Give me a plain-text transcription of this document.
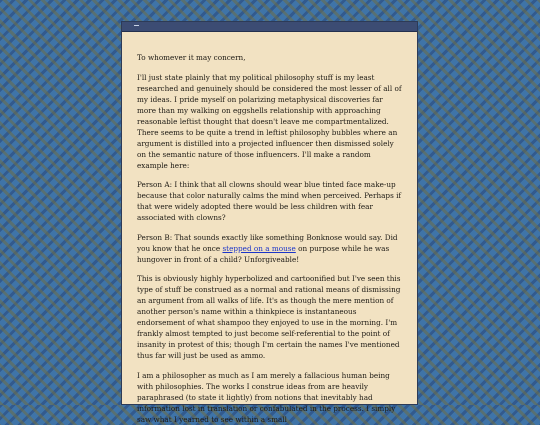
To whomever it may concern,

I'll just state plainly that my political philosophy stuff is my least researched and genuinely should be considered the most lesser of all of my ideas. I pride myself on polarizing metaphysical discoveries far more than my walking on eggshells relationship with approaching reasonable leftist thought that doesn't leave me compartmentalized. There seems to be quite a trend in leftist philosophy bubbles where an argument is distilled into a projected influencer then dismissed solely on the semantic nature of those influencers. I'll make a random example here:

Person A: I think that all clowns should wear blue tinted face make-up because that color naturally calms the mind when perceived. Perhaps if that were widely adopted there would be less children with fear associated with clowns?

Person B: That sounds exactly like something Bonknose would say. Did you know that he once stepped on a mouse on purpose while he was hungover in front of a child? Unforgiveable!

This is obviously highly hyperbolized and cartoonified but I've seen this type of stuff be construed as a normal and rational means of dismissing an argument from all walks of life. It's as though the mere mention of another person's name within a thinkpiece is instantaneous endorsement of what shampoo they enjoyed to use in the morning. I'm frankly almost tempted to just become self-referential to the point of insanity in protest of this; though I'm certain the names I've mentioned thus far will just be used as ammo.

I am a philosopher as much as I am merely a fallacious human being with philosophies. The works I construe ideas from are heavily paraphrased (to state it lightly) from notions that inevitably had information lost in translation or confabulated in the process. I simply saw what I yearned to see within a small
